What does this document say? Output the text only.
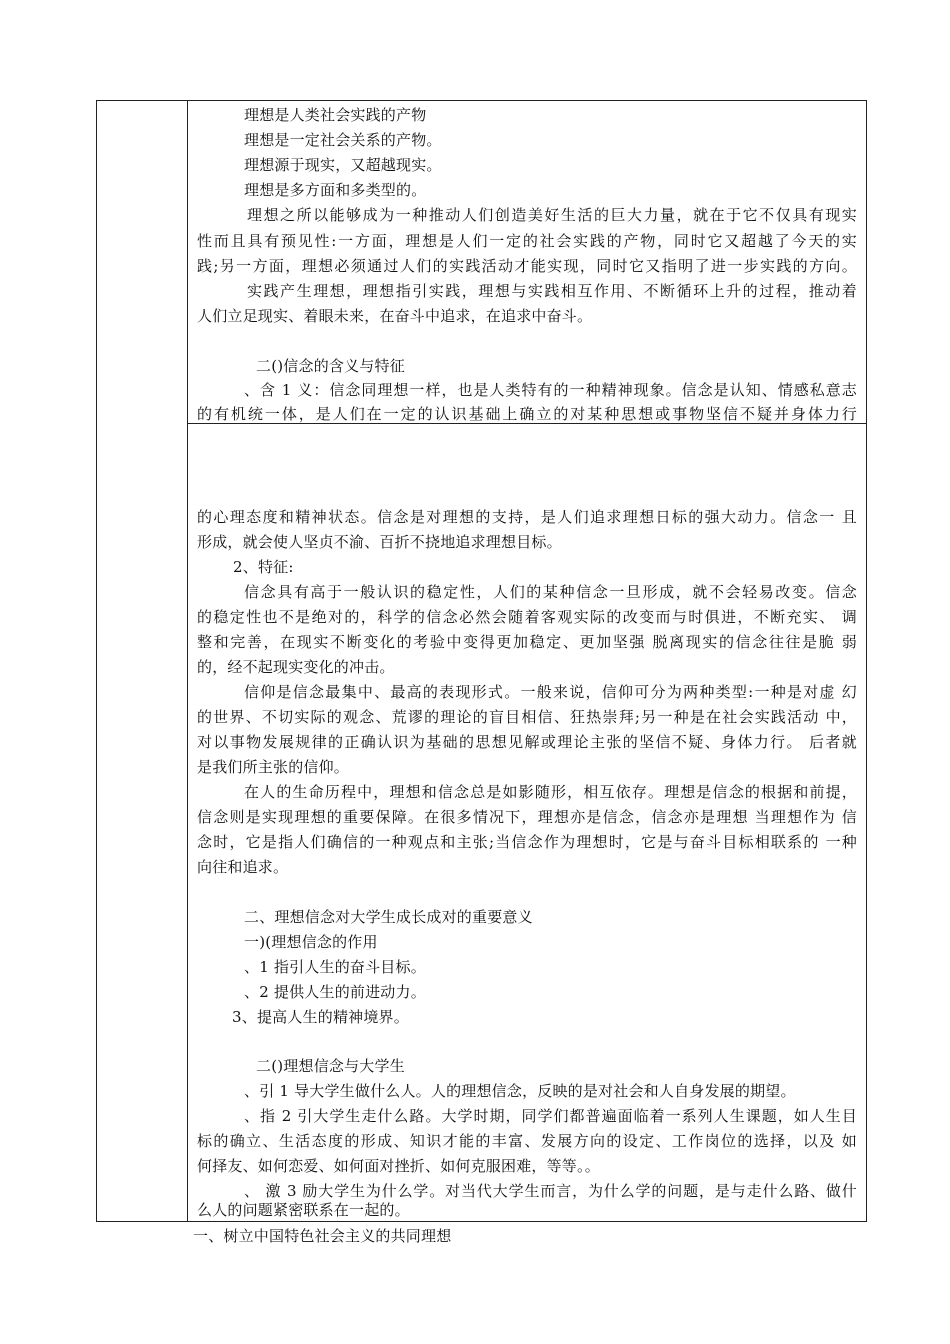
理想是人类社会实践的产物
理想是一定社会关系的产物。
理想源于现实，又超越现实。
理想是多方面和多类型的。
理想之所以能够成为一种推动人们创造美好生活的巨大力量，就在于它不仅具有现实
性而且具有预见性:一方面，理想是人们一定的社会实践的产物，同时它又超越了今天的实
践;另一方面，理想必须通过人们的实践活动才能实现，同时它又指明了进一步实践的方向。
实践产生理想，理想指引实践，理想与实践相互作用、不断循环上升的过程，推动着
人们立足现实、着眼未来，在奋斗中追求，在追求中奋斗。
二()信念的含义与特征
、含 1 义：信念同理想一样，也是人类特有的一种精神现象。信念是认知、情感私意志
的有机统一体，是人们在一定的认识基础上确立的对某种思想或事物坚信不疑并身体力行
的心理态度和精神状态。信念是对理想的支持，是人们追求理想日标的强大动力。信念一 且
形成，就会使人坚贞不渝、百折不挠地追求理想目标。
2、特征:
信念具有高于一般认识的稳定性，人们的某种信念一旦形成，就不会轻易改变。信念
的稳定性也不是绝对的，科学的信念必然会随着客观实际的改变而与时俱进，不断充实、 调
整和完善，在现实不断变化的考验中变得更加稳定、更加坚强 脱离现实的信念往往是脆 弱
的，经不起现实变化的冲击。
信仰是信念最集中、最高的表现形式。一般来说，信仰可分为两种类型:一种是对虚 幻
的世界、不切实际的观念、荒谬的理论的盲目相信、狂热崇拜;另一种是在社会实践活动 中，
对以事物发展规律的正确认识为基础的思想见解或理论主张的坚信不疑、身体力行。 后者就
是我们所主张的信仰。
在人的生命历程中，理想和信念总是如影随形，相互依存。理想是信念的根据和前提，
信念则是实现理想的重要保障。在很多情况下，理想亦是信念，信念亦是理想 当理想作为 信
念时，它是指人们确信的一种观点和主张;当信念作为理想时，它是与奋斗目标相联系的 一种
向往和追求。
二、理想信念对大学生成长成对的重要意义
一)(理想信念的作用
、1 指引人生的奋斗目标。
、2 提供人生的前进动力。
3、提高人生的精神境界。
二()理想信念与大学生
、引 1 导大学生做什么人。人的理想信念，反映的是对社会和人自身发展的期望。
、指 2 引大学生走什么路。大学时期，同学们都普遍面临着一系列人生课题，如人生目
标的确立、生活态度的形成、知识才能的丰富、发展方向的设定、工作岗位的选择，以及 如
何择友、如何恋爱、如何面对挫折、如何克服困难，等等。。
、 激 3 励大学生为什么学。对当代大学生而言，为什么学的问题，是与走什么路、做什
么人的问题紧密联系在一起的。
一、树立中国特色社会主义的共同理想
